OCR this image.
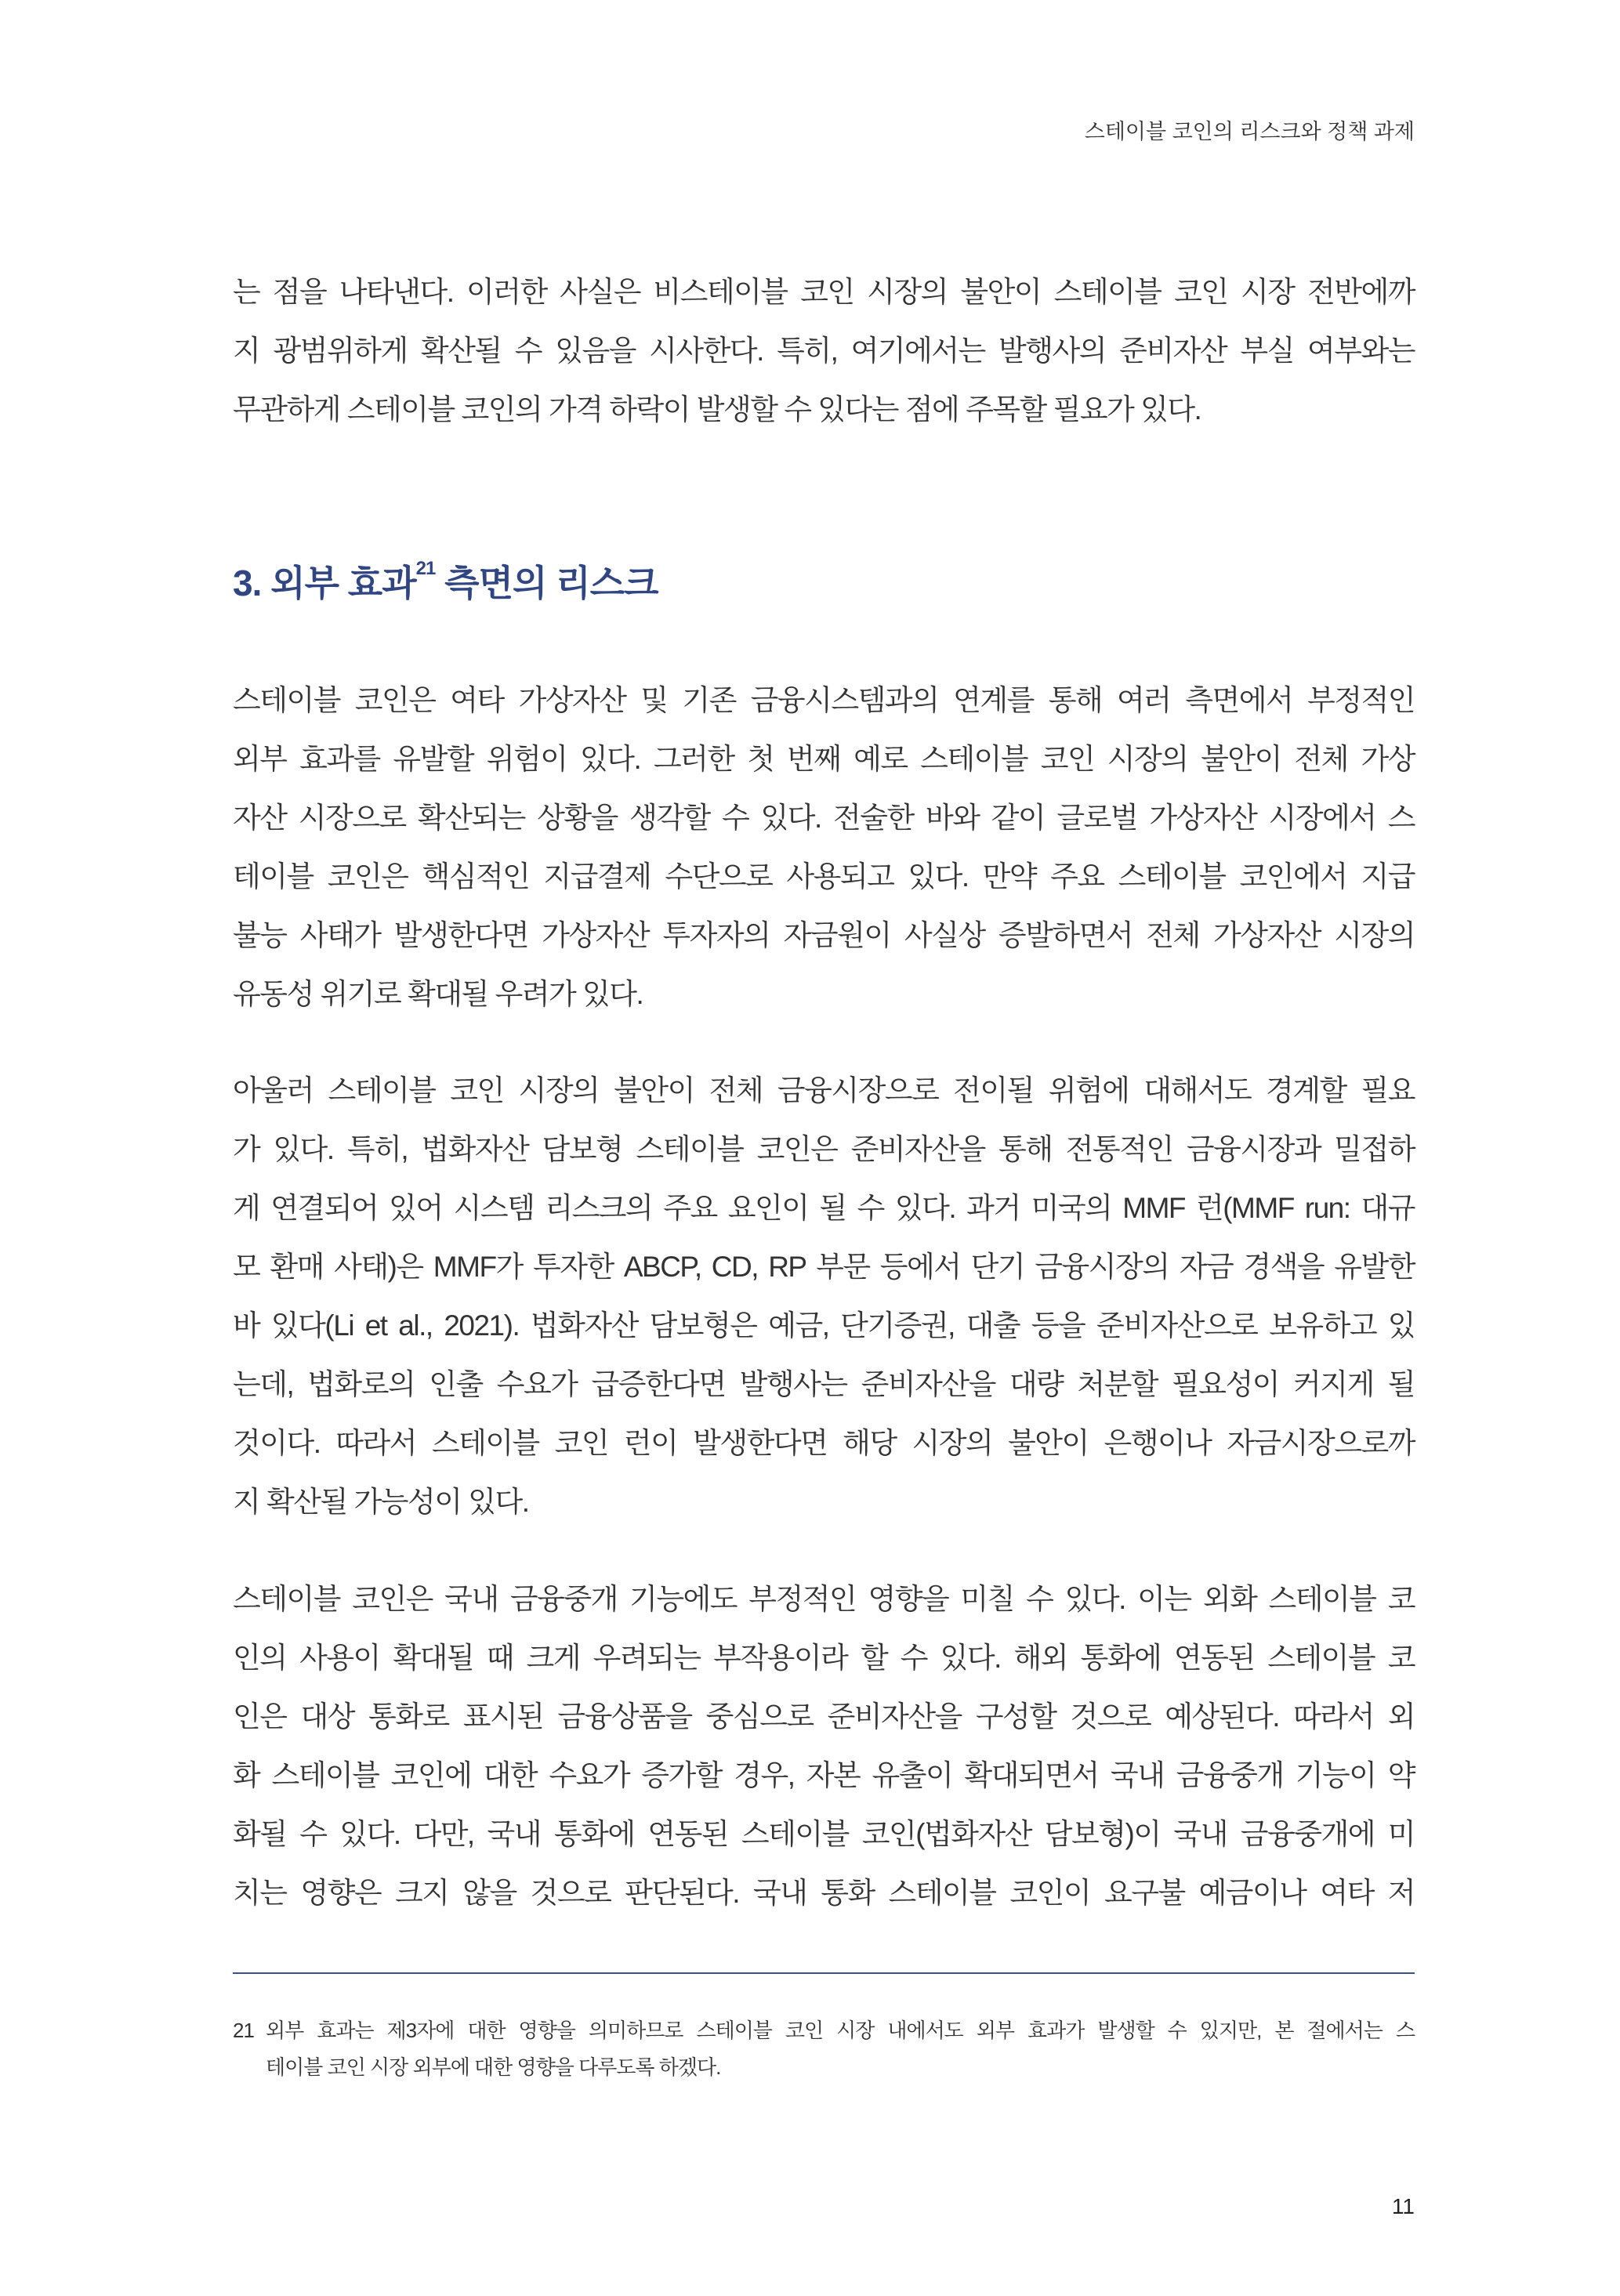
스테이블 코인의 리스크와 정책 과제
는 점을 나타낸다. 이러한 사실은 비스테이블 코인 시장의 불안이 스테이블 코인 시장 전반에까
지 광범위하게 확산될 수 있음을 시사한다. 특히, 여기에서는 발행사의 준비자산 부실 여부와는
무관하게 스테이블 코인의 가격 하락이 발생할 수 있다는 점에 주목할 필요가 있다.
3. 외부 효과$^{21}$ 측면의 리스크
스테이블 코인은 여타 가상자산 및 기존 금융시스템과의 연계를 통해 여러 측면에서 부정적인
외부 효과를 유발할 위험이 있다. 그러한 첫 번째 예로 스테이블 코인 시장의 불안이 전체 가상
자산 시장으로 확산되는 상황을 생각할 수 있다. 전술한 바와 같이 글로벌 가상자산 시장에서 스
테이블 코인은 핵심적인 지급결제 수단으로 사용되고 있다. 만약 주요 스테이블 코인에서 지급
불능 사태가 발생한다면 가상자산 투자자의 자금원이 사실상 증발하면서 전체 가상자산 시장의
유동성 위기로 확대될 우려가 있다.
아울러 스테이블 코인 시장의 불안이 전체 금융시장으로 전이될 위험에 대해서도 경계할 필요
가 있다. 특히, 법화자산 담보형 스테이블 코인은 준비자산을 통해 전통적인 금융시장과 밀접하
게 연결되어 있어 시스템 리스크의 주요 요인이 될 수 있다. 과거 미국의 MMF 런(MMF run: 대규
모 환매 사태)은 MMF가 투자한 ABCP, CD, RP 부문 등에서 단기 금융시장의 자금 경색을 유발한
바 있다(Li et al., 2021). 법화자산 담보형은 예금, 단기증권, 대출 등을 준비자산으로 보유하고 있
는데, 법화로의 인출 수요가 급증한다면 발행사는 준비자산을 대량 처분할 필요성이 커지게 될
것이다. 따라서 스테이블 코인 런이 발생한다면 해당 시장의 불안이 은행이나 자금시장으로까
지 확산될 가능성이 있다.
스테이블 코인은 국내 금융중개 기능에도 부정적인 영향을 미칠 수 있다. 이는 외화 스테이블 코
인의 사용이 확대될 때 크게 우려되는 부작용이라 할 수 있다. 해외 통화에 연동된 스테이블 코
인은 대상 통화로 표시된 금융상품을 중심으로 준비자산을 구성할 것으로 예상된다. 따라서 외
화 스테이블 코인에 대한 수요가 증가할 경우, 자본 유출이 확대되면서 국내 금융중개 기능이 약
화될 수 있다. 다만, 국내 통화에 연동된 스테이블 코인(법화자산 담보형)이 국내 금융중개에 미
치는 영향은 크지 않을 것으로 판단된다. 국내 통화 스테이블 코인이 요구불 예금이나 여타 저
21 외부 효과는 제3자에 대한 영향을 의미하므로 스테이블 코인 시장 내에서도 외부 효과가 발생할 수 있지만, 본 절에서는 스
테이블 코인 시장 외부에 대한 영향을 다루도록 하겠다.
11
